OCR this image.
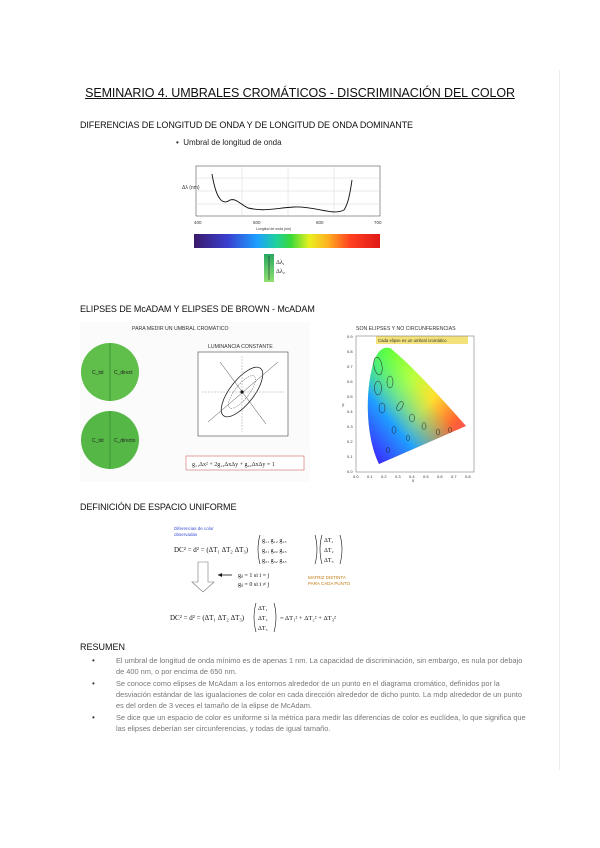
SEMINARIO 4. UMBRALES CROMÁTICOS - DISCRIMINACIÓN DEL COLOR
DIFERENCIAS DE LONGITUD DE ONDA Y DE LONGITUD DE ONDA DOMINANTE
•  Umbral de longitud de onda
Δλ (nm)
400	500	600	700
Longitud de onda (nm)
Δλ₁
Δλ₂
ELIPSES DE McADAM Y ELIPSES DE BROWN - McADAM
PARA MEDIR UN UMBRAL CROMÁTICO
C_tst C_direct
C_tst C_directo
LUMINANCIA CONSTANTE
g₁₁Δx² + 2g₁₂ΔxΔy + g₂₂ΔxΔy = 1
SON ELIPSES Y NO CIRCUNFERENCIAS
Cada elipse es un umbral cromático
0.9
0.8
0.7
0.6
0.5
0.4
0.3
0.2
0.1
0.0
y
0.0 0.1 0.2 0.3 0.4 0.5 0.6 0.7 0.8
x
DEFINICIÓN DE ESPACIO UNIFORME
Diferencias de color
observadas
DC² = d² = (ΔT₁ ΔT₂ ΔT₃)
g₁₁ g₁₂ g₁₃
g₂₁ g₂₂ g₂₃
g₃₁ g₃₂ g₃₃
ΔT₁
ΔT₂
ΔT₃
gᵢⱼ = 1 si i = j
gᵢⱼ = 0 si i ≠ j
MATRIZ DISTINTA
PARA CADA PUNTO
DC² = d² = (ΔT₁ ΔT₂ ΔT₃)
ΔT₁
ΔT₂
ΔT₃
= ΔT₁² + ΔT₂² + ΔT₃²
RESUMEN
• El umbral de longitud de onda mínimo es de apenas 1 nm. La capacidad de discriminación, sin embargo, es nula por debajo de 400 nm, o por encima de 650 nm.
• Se conoce como elipses de McAdam a los entornos alrededor de un punto en el diagrama cromático, definidos por la desviación estándar de las igualaciones de color en cada dirección alrededor de dicho punto. La mdp alrededor de un punto es del orden de 3 veces el tamaño de la elipse de McAdam.
• Se dice que un espacio de color es uniforme si la métrica para medir las diferencias de color es euclídea, lo que significa que las elipses deberían ser circunferencias, y todas de igual tamaño.
